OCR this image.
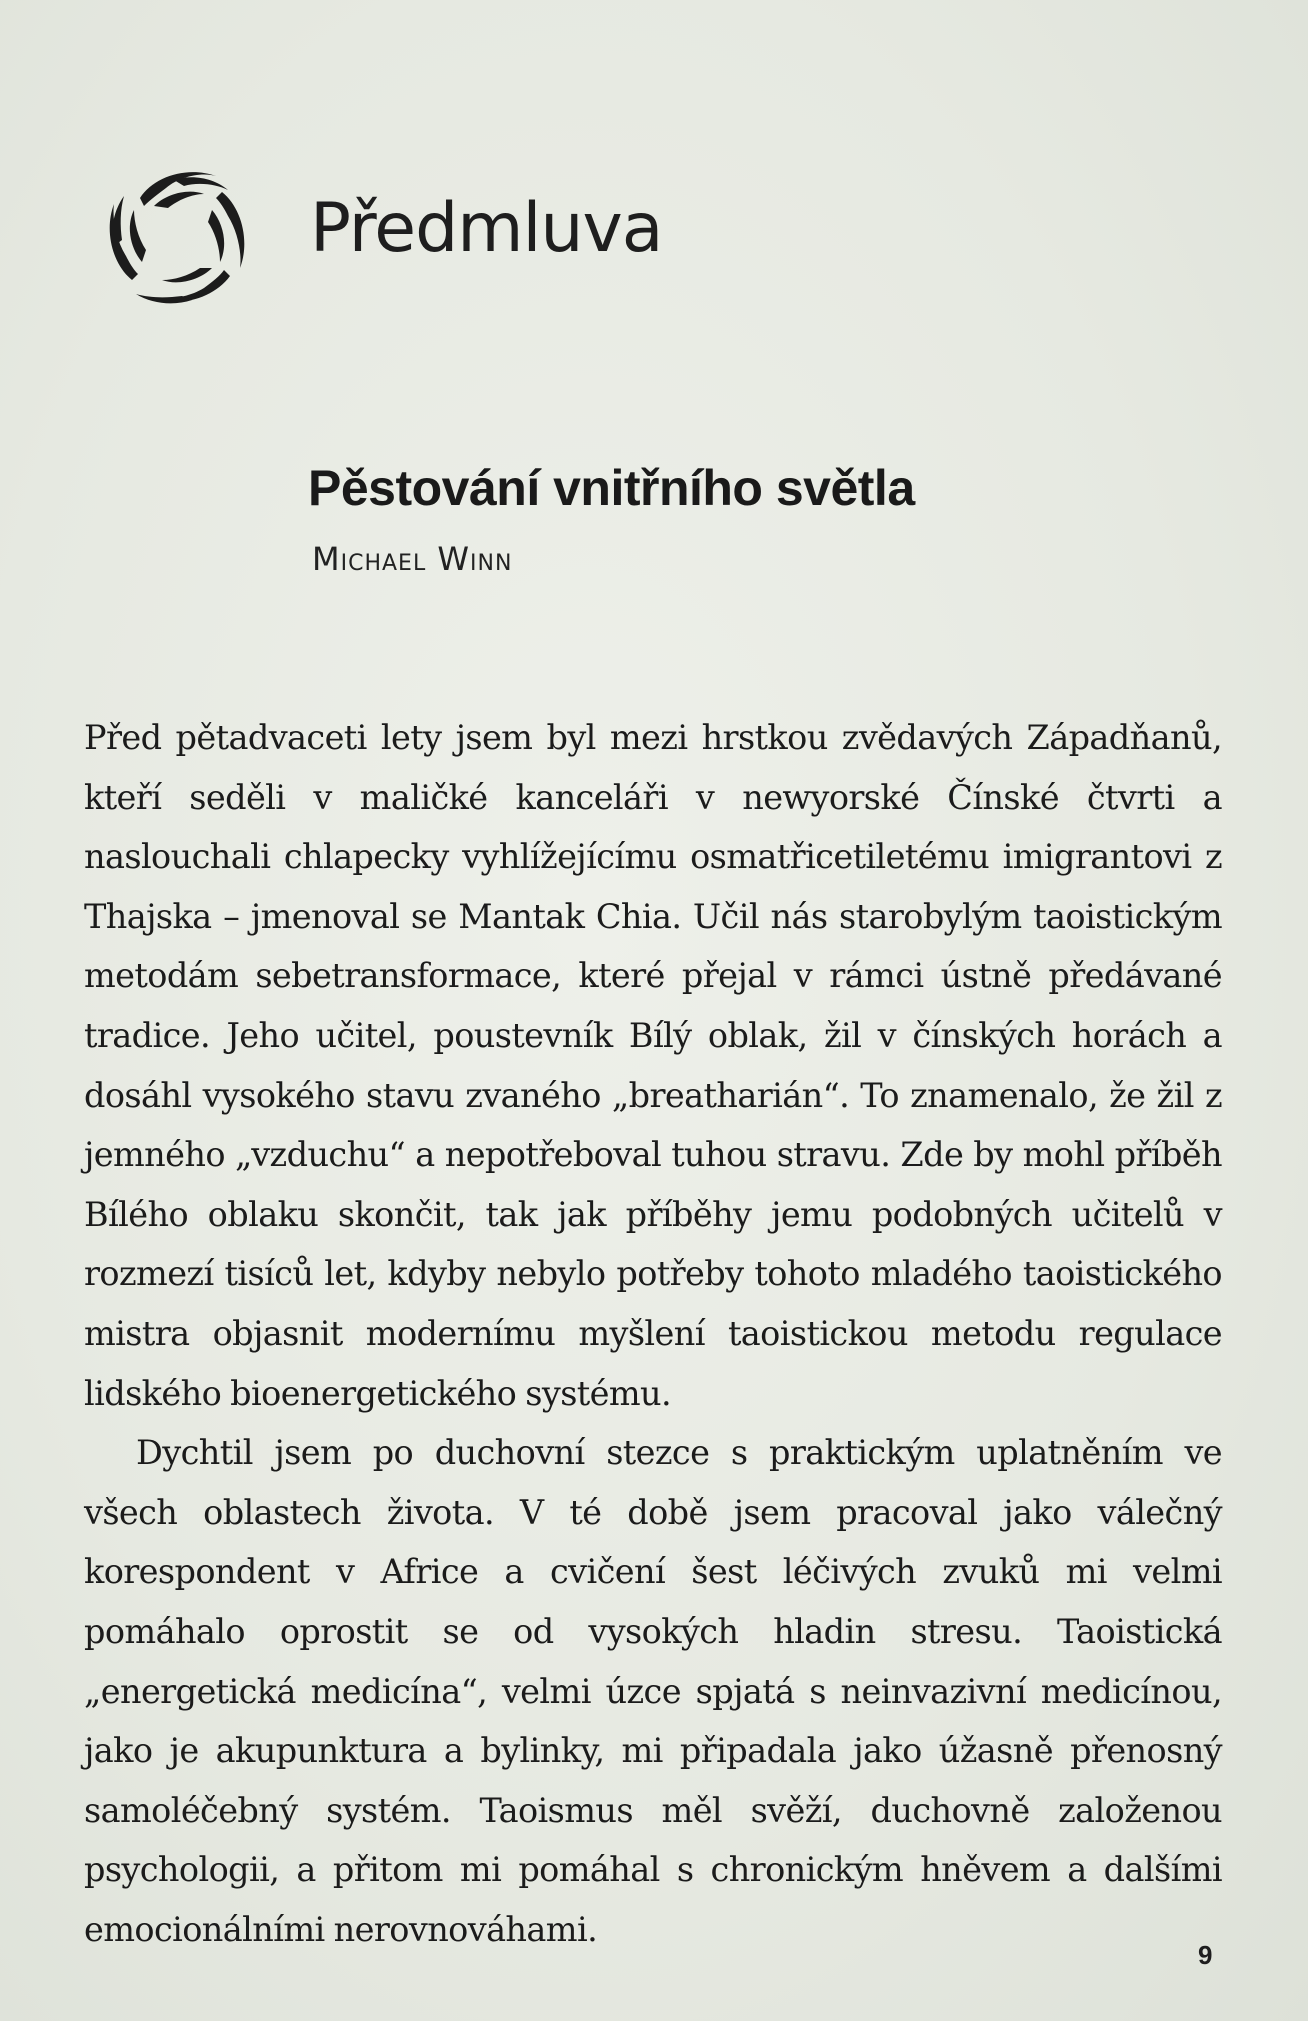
Předmluva
Pěstování vnitřního světla
Michael Winn

Před pětadvaceti lety jsem byl mezi hrstkou zvědavých Západňanů, kteří seděli v maličké kanceláři v newyorské Čínské čtvrti a naslouchali chlapecky vyhlížejícímu osmatřicetiletému imigrantovi z Thajska – jmenoval se Mantak Chia. Učil nás starobylým taoistickým metodám sebetransformace, které přejal v rámci ústně předávané tradice. Jeho učitel, poustevník Bílý oblak, žil v čínských horách a dosáhl vysokého stavu zvaného „breatharián“. To znamenalo, že žil z jemného „vzduchu“ a nepotřeboval tuhou stravu. Zde by mohl příběh Bílého oblaku skončit, tak jak příběhy jemu podobných učitelů v rozmezí tisíců let, kdyby nebylo potřeby tohoto mladého taoistického mistra objasnit modernímu myšlení taoistickou metodu regulace lidského bioenergetického systému.

Dychtil jsem po duchovní stezce s praktickým uplatněním ve všech oblastech života. V té době jsem pracoval jako válečný korespondent v Africe a cvičení šest léčivých zvuků mi velmi pomáhalo oprostit se od vysokých hladin stresu. Taoistická „energetická medicína“, velmi úzce spjatá s neinvazivní medicínou, jako je akupunktura a bylinky, mi připadala jako úžasně přenosný samoléčebný systém. Taoismus měl svěží, duchovně založenou psychologii, a přitom mi pomáhal s chronickým hněvem a dalšími emocionálními nerovnováhami.

9
